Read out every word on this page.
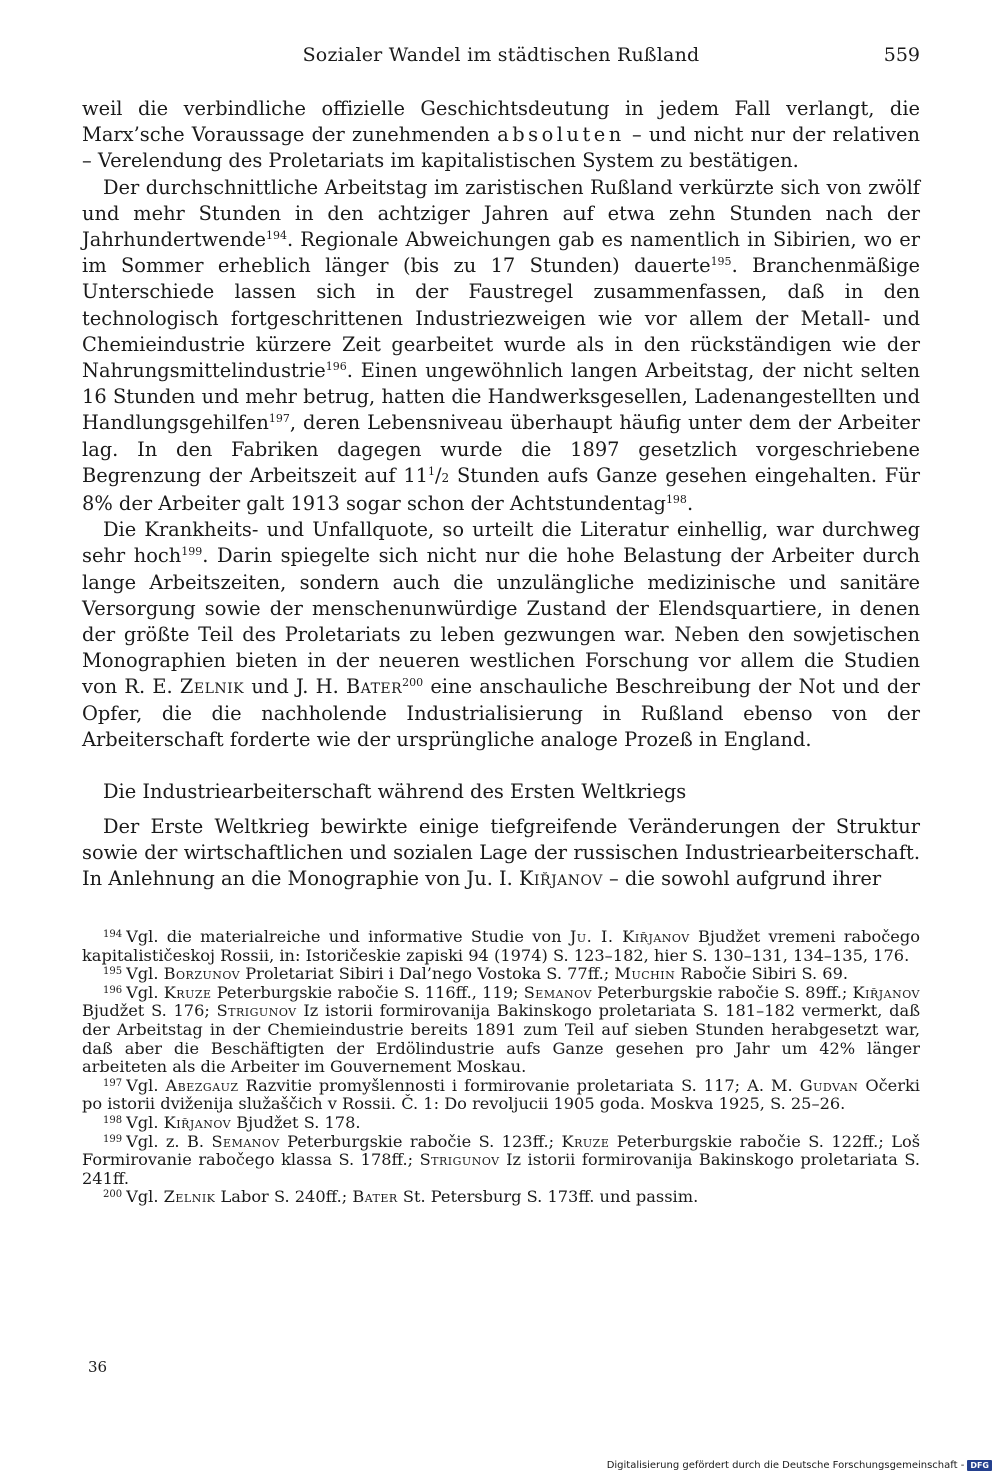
Sozialer Wandel im städtischen Rußland	559

weil die verbindliche offizielle Geschichtsdeutung in jedem Fall verlangt, die Marx’sche Voraussage der zunehmenden absoluten – und nicht nur der relativen – Verelendung des Proletariats im kapitalistischen System zu bestätigen.

Der durchschnittliche Arbeitstag im zaristischen Rußland verkürzte sich von zwölf und mehr Stunden in den achtziger Jahren auf etwa zehn Stunden nach der Jahrhundertwende$^{194}$. Regionale Abweichungen gab es namentlich in Sibirien, wo er im Sommer erheblich länger (bis zu 17 Stunden) dauerte$^{195}$. Branchenmäßige Unterschiede lassen sich in der Faustregel zusammenfassen, daß in den technologisch fortgeschrittenen Industriezweigen wie vor allem der Metall- und Chemieindustrie kürzere Zeit gearbeitet wurde als in den rückständigen wie der Nahrungsmittelindustrie$^{196}$. Einen ungewöhnlich langen Arbeitstag, der nicht selten 16 Stunden und mehr betrug, hatten die Handwerksgesellen, Ladenangestellten und Handlungsgehilfen$^{197}$, deren Lebensniveau überhaupt häufig unter dem der Arbeiter lag. In den Fabriken dagegen wurde die 1897 gesetzlich vorgeschriebene Begrenzung der Arbeitszeit auf $11^1/2$ Stunden aufs Ganze gesehen eingehalten. Für 8% der Arbeiter galt 1913 sogar schon der Achtstundentag$^{198}$.

Die Krankheits- und Unfallquote, so urteilt die Literatur einhellig, war durchweg sehr hoch$^{199}$. Darin spiegelte sich nicht nur die hohe Belastung der Arbeiter durch lange Arbeitszeiten, sondern auch die unzulängliche medizinische und sanitäre Versorgung sowie der menschenunwürdige Zustand der Elendsquartiere, in denen der größte Teil des Proletariats zu leben gezwungen war. Neben den sowjetischen Monographien bieten in der neueren westlichen Forschung vor allem die Studien von R. E. Zelnik und J. H. Bater$^{200}$ eine anschauliche Beschreibung der Not und der Opfer, die die nachholende Industrialisierung in Rußland ebenso von der Arbeiterschaft forderte wie der ursprüngliche analoge Prozeß in England.

Die Industriearbeiterschaft während des Ersten Weltkriegs

Der Erste Weltkrieg bewirkte einige tiefgreifende Veränderungen der Struktur sowie der wirtschaftlichen und sozialen Lage der russischen Industriearbeiterschaft. In Anlehnung an die Monographie von Ju. I. Kir̆janov – die sowohl aufgrund ihrer

$^{194}$ Vgl. die materialreiche und informative Studie von Ju. I. Kir̆janov Bjudžet vremeni rabočego kapitalističeskoj Rossii, in: Istoričeskie zapiski 94 (1974) S. 123–182, hier S. 130–131, 134–135, 176.

$^{195}$ Vgl. Borzunov Proletariat Sibiri i Dal’nego Vostoka S. 77ff.; Muchin Rabočie Sibiri S. 69.

$^{196}$ Vgl. Kruze Peterburgskie rabočie S. 116ff., 119; Semanov Peterburgskie rabočie S. 89ff.; Kir̆janov Bjudžet S. 176; Strigunov Iz istorii formirovanija Bakinskogo proletariata S. 181–182 vermerkt, daß der Arbeitstag in der Chemieindustrie bereits 1891 zum Teil auf sieben Stunden herabgesetzt war, daß aber die Beschäftigten der Erdölindustrie aufs Ganze gesehen pro Jahr um 42% länger arbeiteten als die Arbeiter im Gouvernement Moskau.

$^{197}$ Vgl. Abezgauz Razvitie promyšlennosti i formirovanie proletariata S. 117; A. M. Gudvan Očerki po istorii dviženija služaščich v Rossii. Č. 1: Do revoljucii 1905 goda. Moskva 1925, S. 25–26.

$^{198}$ Vgl. Kir̆janov Bjudžet S. 178.

$^{199}$ Vgl. z. B. Semanov Peterburgskie rabočie S. 123ff.; Kruze Peterburgskie rabočie S. 122ff.; Loš Formirovanie rabočego klassa S. 178ff.; Strigunov Iz istorii formirovanija Bakinskogo proletariata S. 241ff.

$^{200}$ Vgl. Zelnik Labor S. 240ff.; Bater St. Petersburg S. 173ff. und passim.

36
Digitalisierung gefördert durch die Deutsche Forschungsgemeinschaft - DFG
